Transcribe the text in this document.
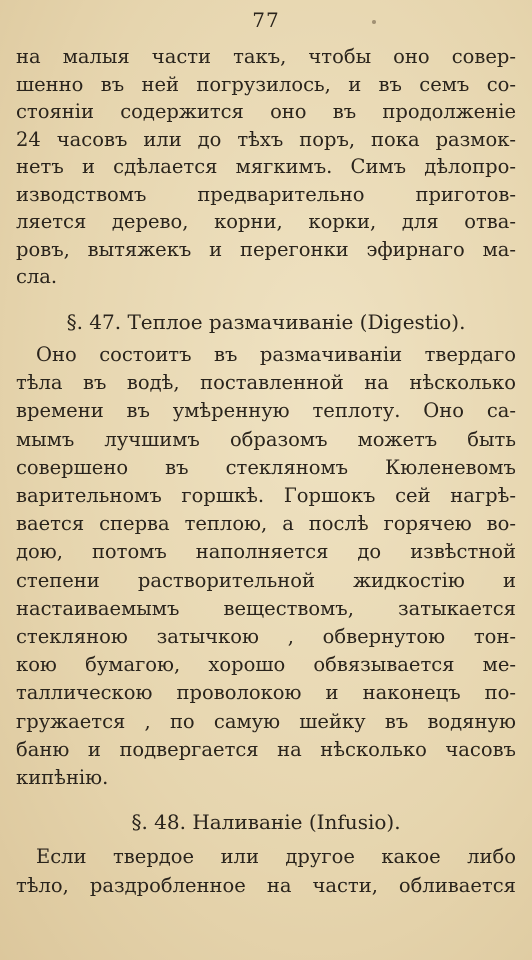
77
на малыя части такъ, чтобы оно совер-
шенно въ ней погрузилось, и въ семъ со-
стояніи содержится оно въ продолженіе
24 часовъ или до тѣхъ поръ, пока размок-
нетъ и сдѣлается мягкимъ. Симъ дѣлопро-
изводствомъ	предварительно	приготов-
ляется дерево, корни, корки, для отва-
ровъ, вытяжекъ и перегонки эфирнаго ма-
сла.
§. 47. Теплое размачиваніе (Digestio).
Оно состоитъ въ размачиваніи твердаго
тѣла въ водѣ, поставленной на нѣсколько
времени въ умѣренную теплоту. Оно са-
мымъ лучшимъ образомъ можетъ быть
совершено въ стекляномъ Кюленевомъ
варительномъ горшкѣ. Горшокъ сей нагрѣ-
вается сперва теплою, а послѣ горячею во-
дою, потомъ наполняется до извѣстной
степени растворительной жидкостію и
настаиваемымъ веществомъ, затыкается
стекляною затычкою , обвернутою тон-
кою бумагою, хорошо обвязывается ме-
таллическою проволокою и наконецъ по-
гружается , по самую шейку въ водяную
баню и подвергается на нѣсколько часовъ
кипѣнію.
§. 48. Наливаніе (Infusio).
Если твердое или другое какое либо
тѣло, раздробленное на части, обливается
